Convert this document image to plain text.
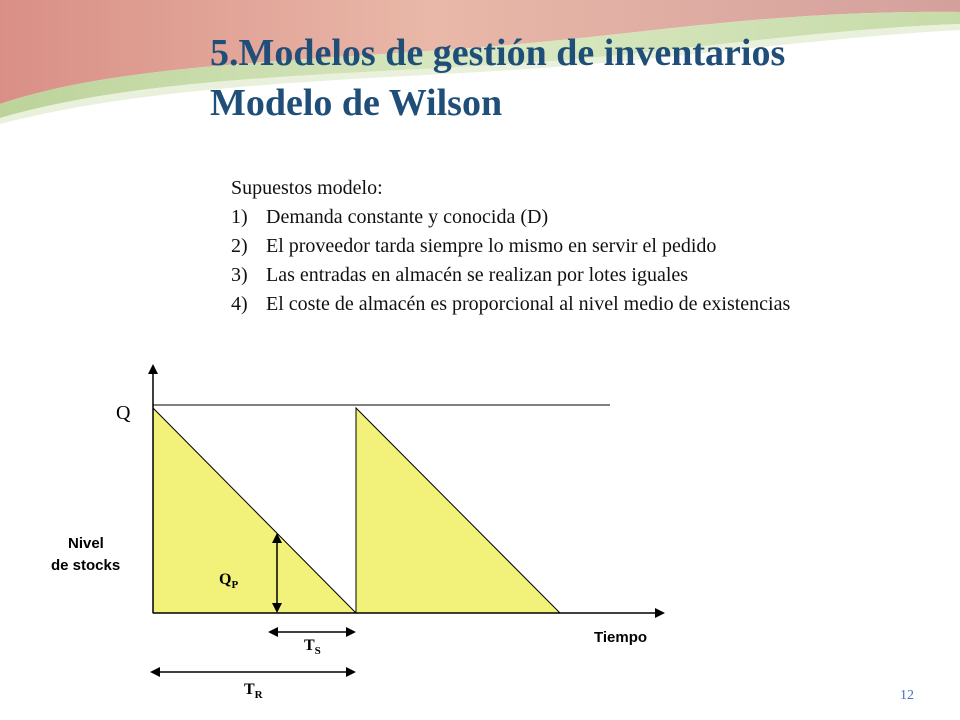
5.Modelos de gestión de inventarios
Modelo de Wilson
Supuestos modelo:
1) Demanda constante y conocida (D)
2) El proveedor tarda siempre lo mismo en servir el pedido
3) Las entradas en almacén se realizan por lotes iguales
4) El coste de almacén es proporcional al nivel medio de existencias
Q
Nivel
de stocks
Tiempo
$Q_P$
$T_S$
$T_R$	12
